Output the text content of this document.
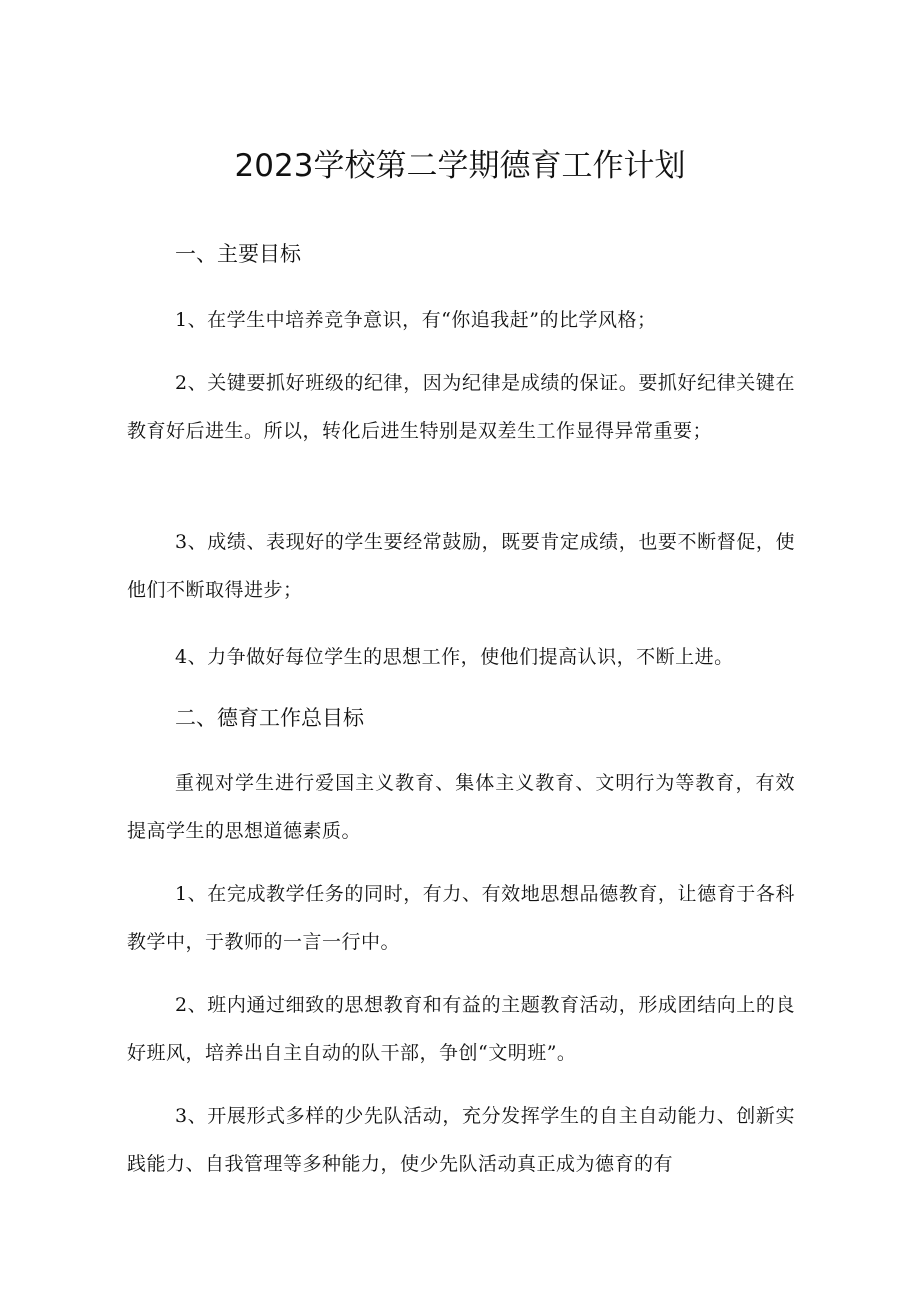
2023学校第二学期德育工作计划
一、主要目标

1、在学生中培养竞争意识，有“你追我赶”的比学风格；

2、关键要抓好班级的纪律，因为纪律是成绩的保证。要抓好纪律关键在教育好后进生。所以，转化后进生特别是双差生工作显得异常重要；

3、成绩、表现好的学生要经常鼓励，既要肯定成绩，也要不断督促，使他们不断取得进步；

4、力争做好每位学生的思想工作，使他们提高认识，不断上进。

二、德育工作总目标

重视对学生进行爱国主义教育、集体主义教育、文明行为等教育，有效提高学生的思想道德素质。

1、在完成教学任务的同时，有力、有效地思想品德教育，让德育于各科教学中，于教师的一言一行中。

2、班内通过细致的思想教育和有益的主题教育活动，形成团结向上的良好班风，培养出自主自动的队干部，争创“文明班”。

3、开展形式多样的少先队活动，充分发挥学生的自主自动能力、创新实践能力、自我管理等多种能力，使少先队活动真正成为德育的有
